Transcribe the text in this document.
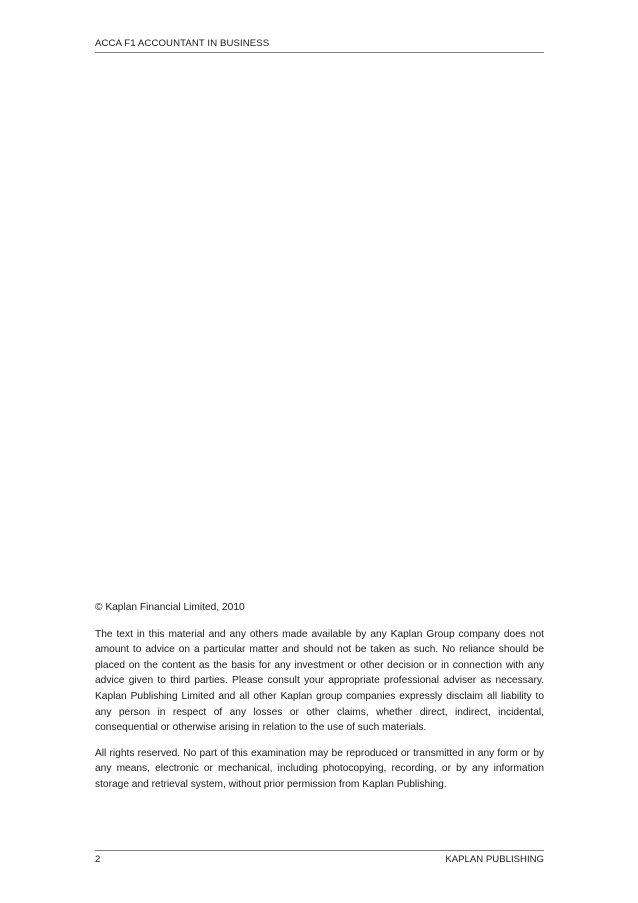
ACCA F1 ACCOUNTANT IN BUSINESS

© Kaplan Financial Limited, 2010

The text in this material and any others made available by any Kaplan Group company does not amount to advice on a particular matter and should not be taken as such. No reliance should be placed on the content as the basis for any investment or other decision or in connection with any advice given to third parties. Please consult your appropriate professional adviser as necessary. Kaplan Publishing Limited and all other Kaplan group companies expressly disclaim all liability to any person in respect of any losses or other claims, whether direct, indirect, incidental, consequential or otherwise arising in relation to the use of such materials.

All rights reserved. No part of this examination may be reproduced or transmitted in any form or by any means, electronic or mechanical, including photocopying, recording, or by any information storage and retrieval system, without prior permission from Kaplan Publishing.

2	KAPLAN PUBLISHING
